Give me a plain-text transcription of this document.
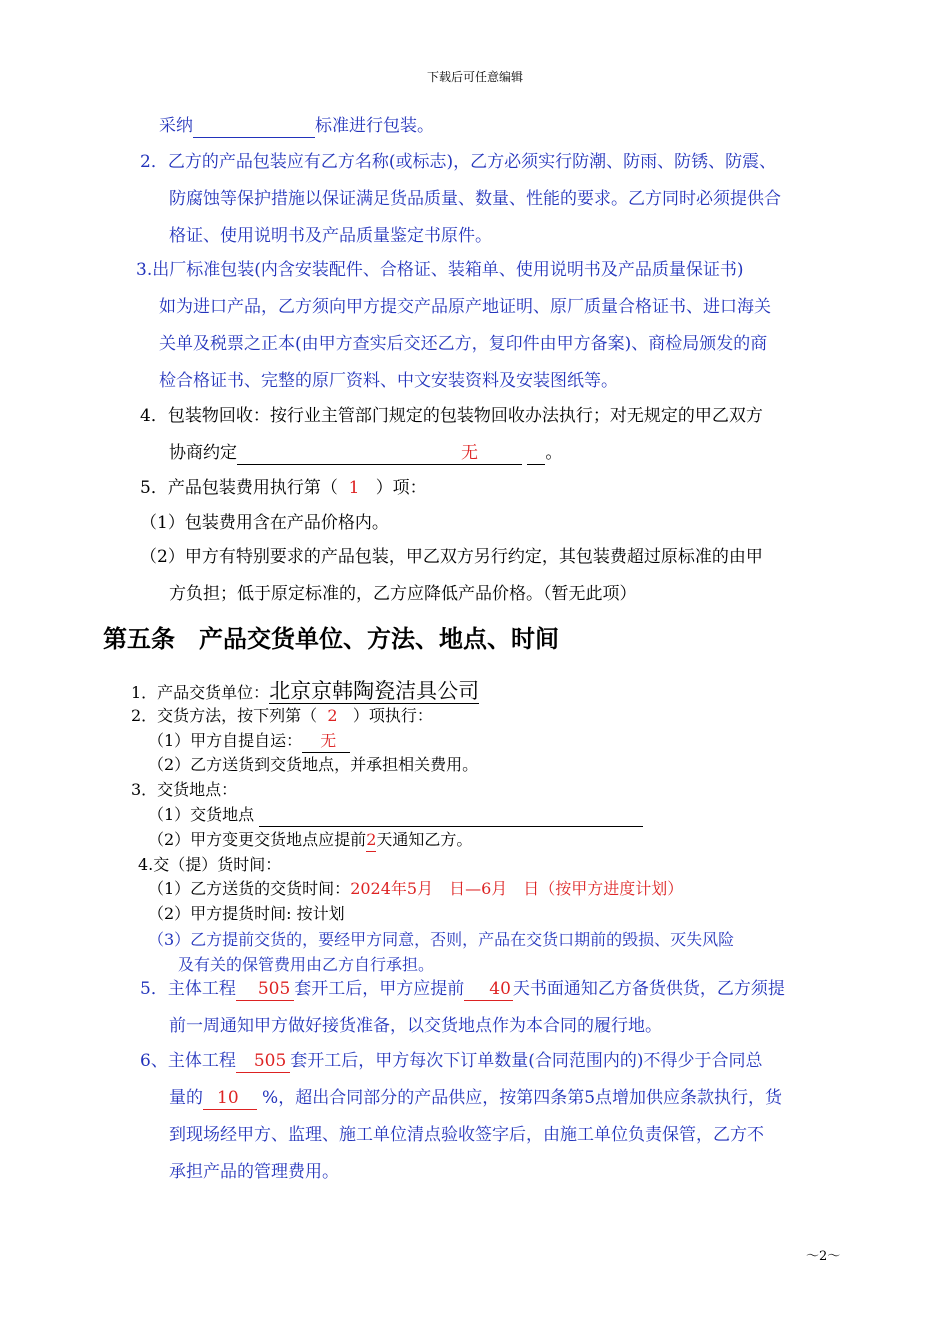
下载后可任意编辑
采纳	标准进行包装。
2．乙方的产品包装应有乙方名称(或标志)，乙方必须实行防潮、防雨、防锈、防震、
防腐蚀等保护措施以保证满足货品质量、数量、性能的要求。乙方同时必须提供合
格证、使用说明书及产品质量鉴定书原件。
3.出厂标准包装(内含安装配件、合格证、装箱单、使用说明书及产品质量保证书)
如为进口产品，乙方须向甲方提交产品原产地证明、原厂质量合格证书、进口海关
关单及税票之正本(由甲方查实后交还乙方，复印件由甲方备案)、商检局颁发的商
检合格证书、完整的原厂资料、中文安装资料及安装图纸等。
4．包装物回收：按行业主管部门规定的包装物回收办法执行；对无规定的甲乙双方
协商约定	无	。
5．产品包装费用执行第（ 1 ）项：
（1）包装费用含在产品价格内。
（2）甲方有特别要求的产品包装，甲乙双方另行约定，其包装费超过原标准的由甲
方负担；低于原定标准的，乙方应降低产品价格。（暂无此项）
第五条　产品交货单位、方法、地点、时间
1．产品交货单位：北京京韩陶瓷洁具公司
2．交货方法，按下列第（ 2 ）项执行：
（1）甲方自提自运： 无
（2）乙方送货到交货地点，并承担相关费用。
3．交货地点：
（1）交货地点
（2）甲方变更交货地点应提前2天通知乙方。
4.交（提）货时间：
（1）乙方送货的交货时间：2024年5月　日—6月　日（按甲方进度计划）
（2）甲方提货时间: 按计划
（3）乙方提前交货的，要经甲方同意，否则，产品在交货口期前的毁损、灭失风险
及有关的保管费用由乙方自行承担。
5．主体工程 505 套开工后，甲方应提前 40 天书面通知乙方备货供货，乙方须提
前一周通知甲方做好接货准备，以交货地点作为本合同的履行地。
6、主体工程 505 套开工后，甲方每次下订单数量(合同范围内的)不得少于合同总
量的 10 %，超出合同部分的产品供应，按第四条第5点增加供应条款执行，货
到现场经甲方、监理、施工单位清点验收签字后，由施工单位负责保管，乙方不
承担产品的管理费用。
～2～
